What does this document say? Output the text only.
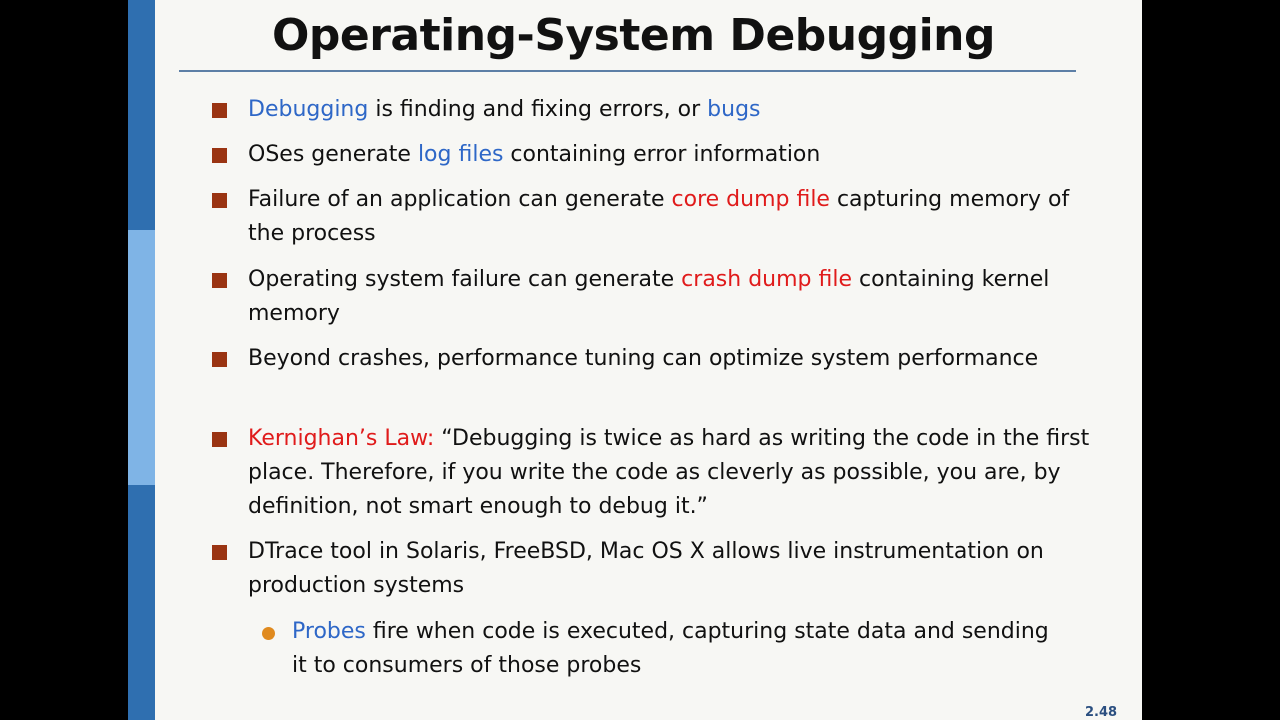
Operating-System Debugging
Debugging is finding and fixing errors, or bugs
OSes generate log files containing error information
Failure of an application can generate core dump file capturing memory of the process
Operating system failure can generate crash dump file containing kernel memory
Beyond crashes, performance tuning can optimize system performance
Kernighan’s Law: “Debugging is twice as hard as writing the code in the first place. Therefore, if you write the code as cleverly as possible, you are, by definition, not smart enough to debug it.”
DTrace tool in Solaris, FreeBSD, Mac OS X allows live instrumentation on production systems
Probes fire when code is executed, capturing state data and sending it to consumers of those probes
2.48
